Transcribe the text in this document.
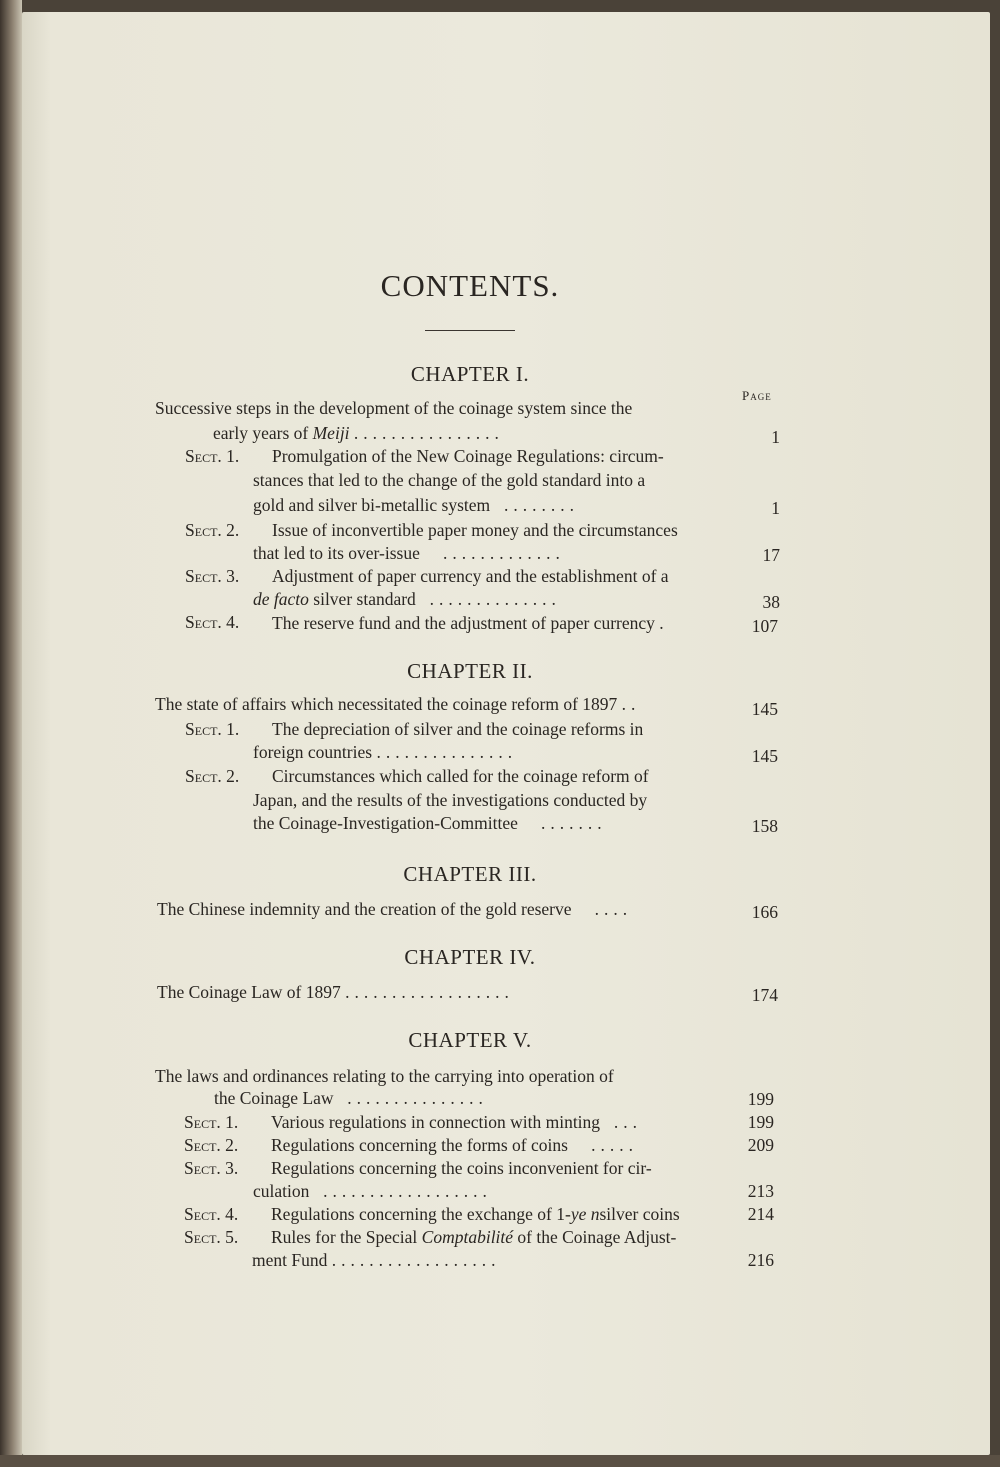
CONTENTS.
CHAPTER I.
Page
Successive steps in the development of the coinage system since the
early years of Meiji ................	1
Sect. 1. Promulgation of the New Coinage Regulations: circum-
stances that led to the change of the gold standard into a
gold and silver bi-metallic system  ........	1
Sect. 2. Issue of inconvertible paper money and the circumstances
that led to its over-issue   .............	17
Sect. 3. Adjustment of paper currency and the establishment of a
de facto silver standard  ..............	38
Sect. 4. The reserve fund and the adjustment of paper currency .	107
CHAPTER II.
The state of affairs which necessitated the coinage reform of 1897 ..	145
Sect. 1. The depreciation of silver and the coinage reforms in
foreign countries ...............	145
Sect. 2. Circumstances which called for the coinage reform of
Japan, and the results of the investigations conducted by
the Coinage-Investigation-Committee   .......	158
CHAPTER III.
The Chinese indemnity and the creation of the gold reserve   ....	166
CHAPTER IV.
The Coinage Law of 1897 ..................	174
CHAPTER V.
The laws and ordinances relating to the carrying into operation of
the Coinage Law  ...............	199
Sect. 1. Various regulations in connection with minting  ...	199
Sect. 2. Regulations concerning the forms of coins   .....	209
Sect. 3. Regulations concerning the coins inconvenient for cir-
culation  ..................	213
Sect. 4. Regulations concerning the exchange of 1-ye nsilver coins	214
Sect. 5. Rules for the Special Comptabilité of the Coinage Adjust-
ment Fund ..................	216
